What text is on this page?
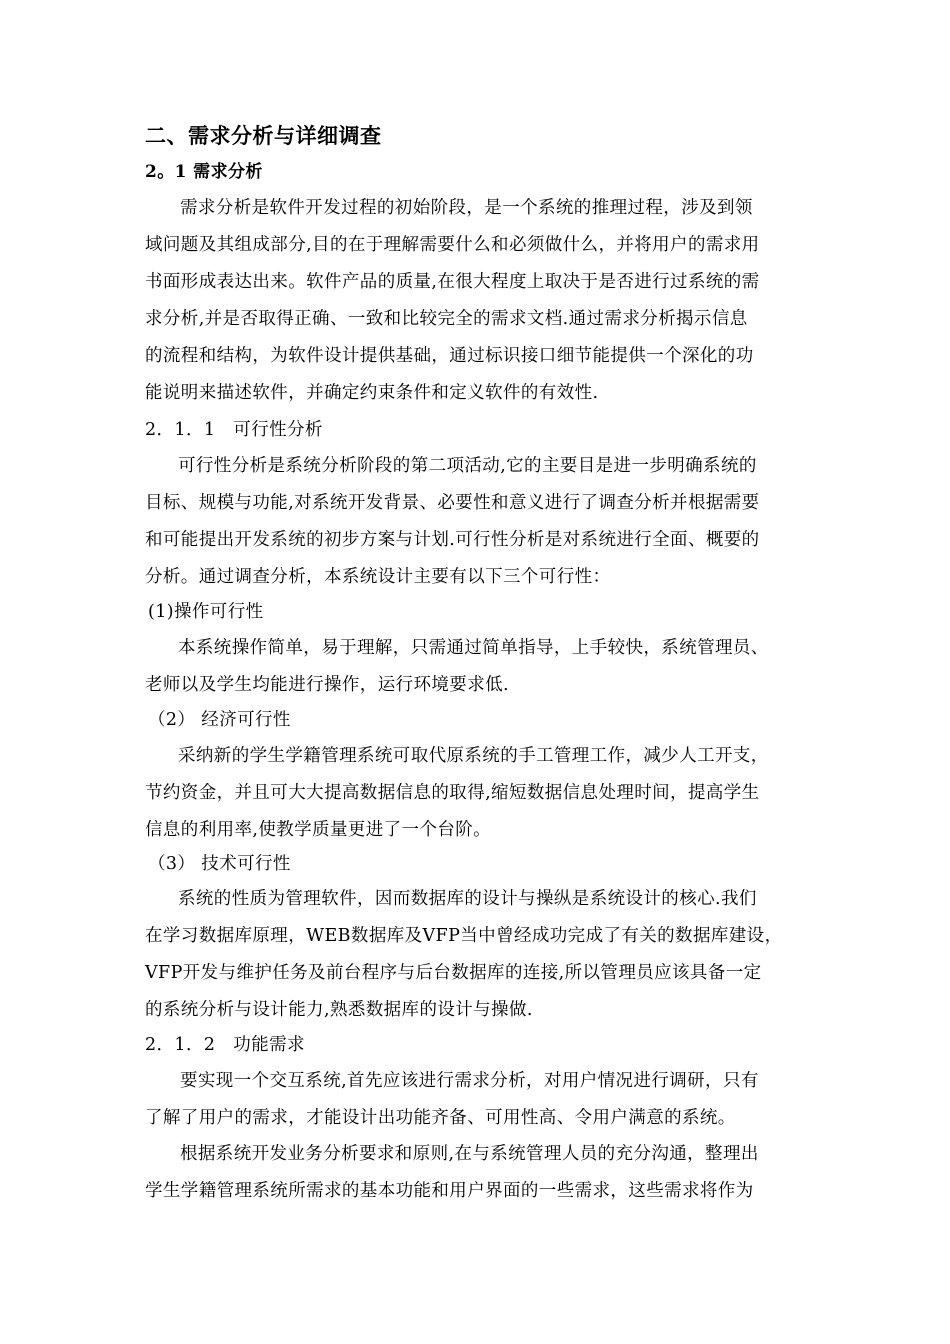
二、需求分析与详细调查
2。1 需求分析
需求分析是软件开发过程的初始阶段，是一个系统的推理过程，涉及到领
域问题及其组成部分,目的在于理解需要什么和必须做什么，并将用户的需求用
书面形成表达出来。软件产品的质量,在很大程度上取决于是否进行过系统的需
求分析,并是否取得正确、一致和比较完全的需求文档.通过需求分析揭示信息
的流程和结构，为软件设计提供基础，通过标识接口细节能提供一个深化的功
能说明来描述软件，并确定约束条件和定义软件的有效性.
2．1．1　可行性分析
可行性分析是系统分析阶段的第二项活动,它的主要目是进一步明确系统的
目标、规模与功能,对系统开发背景、必要性和意义进行了调查分析并根据需要
和可能提出开发系统的初步方案与计划.可行性分析是对系统进行全面、概要的
分析。通过调查分析，本系统设计主要有以下三个可行性：
(1)操作可行性
本系统操作简单，易于理解，只需通过简单指导，上手较快，系统管理员、
老师以及学生均能进行操作，运行环境要求低.
（2） 经济可行性
采纳新的学生学籍管理系统可取代原系统的手工管理工作，减少人工开支，
节约资金，并且可大大提高数据信息的取得,缩短数据信息处理时间，提高学生
信息的利用率,使教学质量更进了一个台阶。
（3） 技术可行性
系统的性质为管理软件，因而数据库的设计与操纵是系统设计的核心.我们
在学习数据库原理，WEB数据库及VFP当中曾经成功完成了有关的数据库建设，
VFP开发与维护任务及前台程序与后台数据库的连接,所以管理员应该具备一定
的系统分析与设计能力,熟悉数据库的设计与操做.
2．1．2　功能需求
要实现一个交互系统,首先应该进行需求分析，对用户情况进行调研，只有
了解了用户的需求，才能设计出功能齐备、可用性高、令用户满意的系统。
根据系统开发业务分析要求和原则,在与系统管理人员的充分沟通，整理出
学生学籍管理系统所需求的基本功能和用户界面的一些需求，这些需求将作为
